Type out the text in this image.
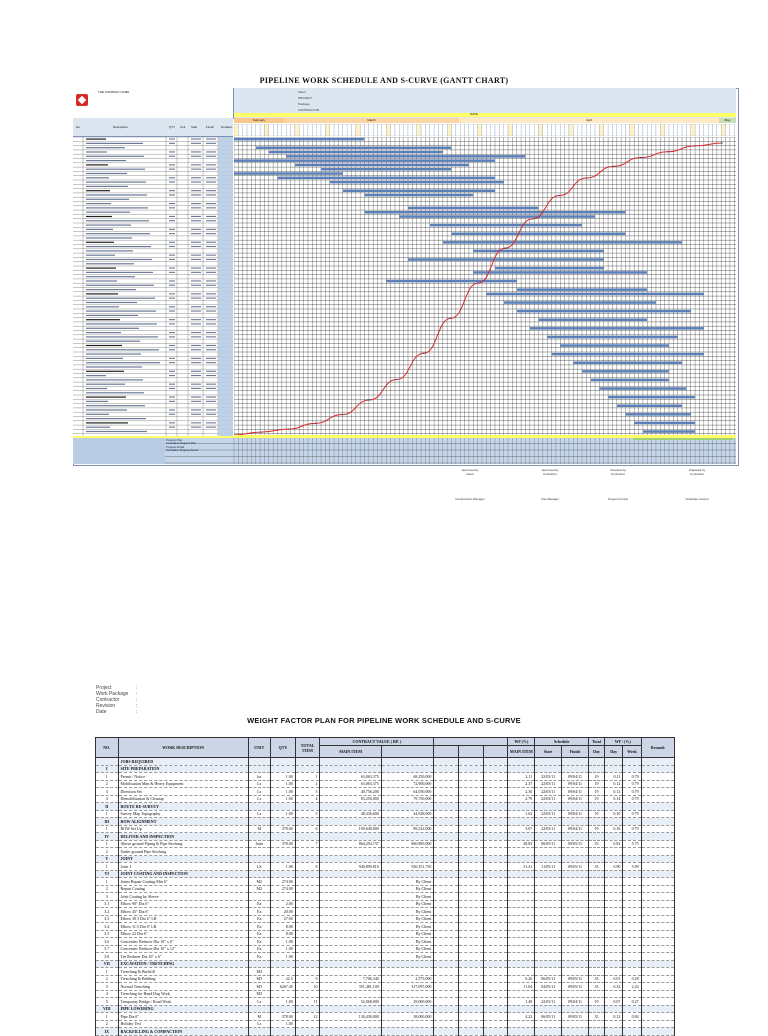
PIPELINE WORK SCHEDULE AND S-CURVE (GANTT CHART)
THE COMPANY NAME	Client
PROJECT
Package
CONTRACTOR
DATE
No.	Description	QTY Unit Start	Finish Duration
February	March	April	May
Progress Plan
Cumulative Progress Plan
Progress Actual
Cumulative Progress Actual
Approved by
Client
Construction Manager
Approved by
Contractor
Site Manager
Checked by
Contractor
Project Control
Prepared by
Contractor
Schedule Control
Project	:
Work Package :
Contractor	:
Revision	:
Date	:
WEIGHT FACTOR PLAN FOR PIPELINE WORK SCHEDULE AND S-CURVE
NO.	WORK DESCRIPTION	UNIT	QTY	TOTAL ITEM	CONTRACT VALUE ( RP. )					WF (%)	Schedule		Total	WF / (%)		Remark
					MAIN ITEM					MAIN ITEM	Start	Finish	Day	Day	Week	
	JOBS REQUIRED															
I	SITE PREPARATION															
1	Permit / Notice	lot	1.00	1	63,063,375	68,250,000				2.11	22/03/11	09/04/11	19	0.11	0.79	
2	Mobilisation Man & Heavy Equipment	Ls	1.00	2	63,063,375	72,900,000				2.37	22/03/11	09/04/11	19	0.12	0.79	
3	Direction Set	Ls	1.00	3	40,756,200	64,050,000				2.30	22/03/11	09/04/11	19	0.12	0.79	
4	Demobilisation & Cleanup	Ls	1.00	4	83,250,000	79,750,000				2.79	22/03/11	09/04/11	19	0.14	0.79	
II	ROUTE RE-SURVEY															
1	Survey Map Topography	Ls	1.00	5	48,436,600	44,928,000				1.62	22/03/11	09/04/11	19	0.10	0.79	
III	ROW ALIGNMENT															
1	ROW Set Up	M	378.00	6	109,640,000	89,522,000				3.07	22/03/11	09/04/11	19	0.16	0.79	
IV	DELIVER AND INSPECTION															
1	Above ground Piping & Pipe Stocking	Joint	378.00	7	864,294,737	860,885,000				28.83	06/05/11	09/05/11	35	0.82	5.75	
2	Under ground Pipe Stocking															
V	JOINT															
1	Joint 1	LS	1.00	8	940,899,810	930,351,750				31.41	11/05/11	09/05/11	35	0.90	5.99	
VI	JOINT COATING AND INSPECTION															
1	Joints Repair Coating Min 6"	M2	274.00			By Client										
2	Repair Coating	M2	274.00			By Client										
3	Joint Coating by Sleeve					By Client										
3.1	Elbow 90° Dia 6"	Ea	2.00			By Client										
3.2	Elbow 45° Dia 6"	Ea	20.00			By Client										
3.3	Elbow 30 3 Dia 6" LR	Ea	27.00			By Client										
3.4	Elbow 11.5 Dia 6" LR	Ea	8.00			By Client										
3.5	Elbow 22 Dia 6"	Ea	8.00			By Client										
3.6	Concentric Reducer Dia 10" x 6"	Ea	1.00			By Client										
3.7	Concentric Reducer Dia 10" x 12"	Ea	1.00			By Client										
3.8	Tee Reducer Dia 10" x 6"	Ea	1.00			By Client										
VII	EXCAVATION / TRENCHING															
1	Trenching & Backfill	M3														
2	Trenching & Bedding	M3	22.5	9	7,706,340	2,575,000				0.26	06/05/11	09/05/11	35	0.01	0.28	
3	Normal Trenching	M3	6267.45	10	351,481,100	317,097,000				11.04	04/05/11	09/05/11	35	0.32	2.24	
4	Trenching for Hand Dug Work	M3														
5	Temporary Bridge / Road Work	Ls	1.00	11	52,068,000	29,000,000				1.48	22/03/11	09/04/11	19	0.07	0.27	
VIII	PIPE LOWERING															
1	Pipe Dia 6"	M	378.00	12	130,430,000	38,000,000				4.22	06/05/11	09/05/11	35	0.12	0.84	
2	Holiday Test	Ls	1.00													
IX	BACKFILLING & COMPACTION															
